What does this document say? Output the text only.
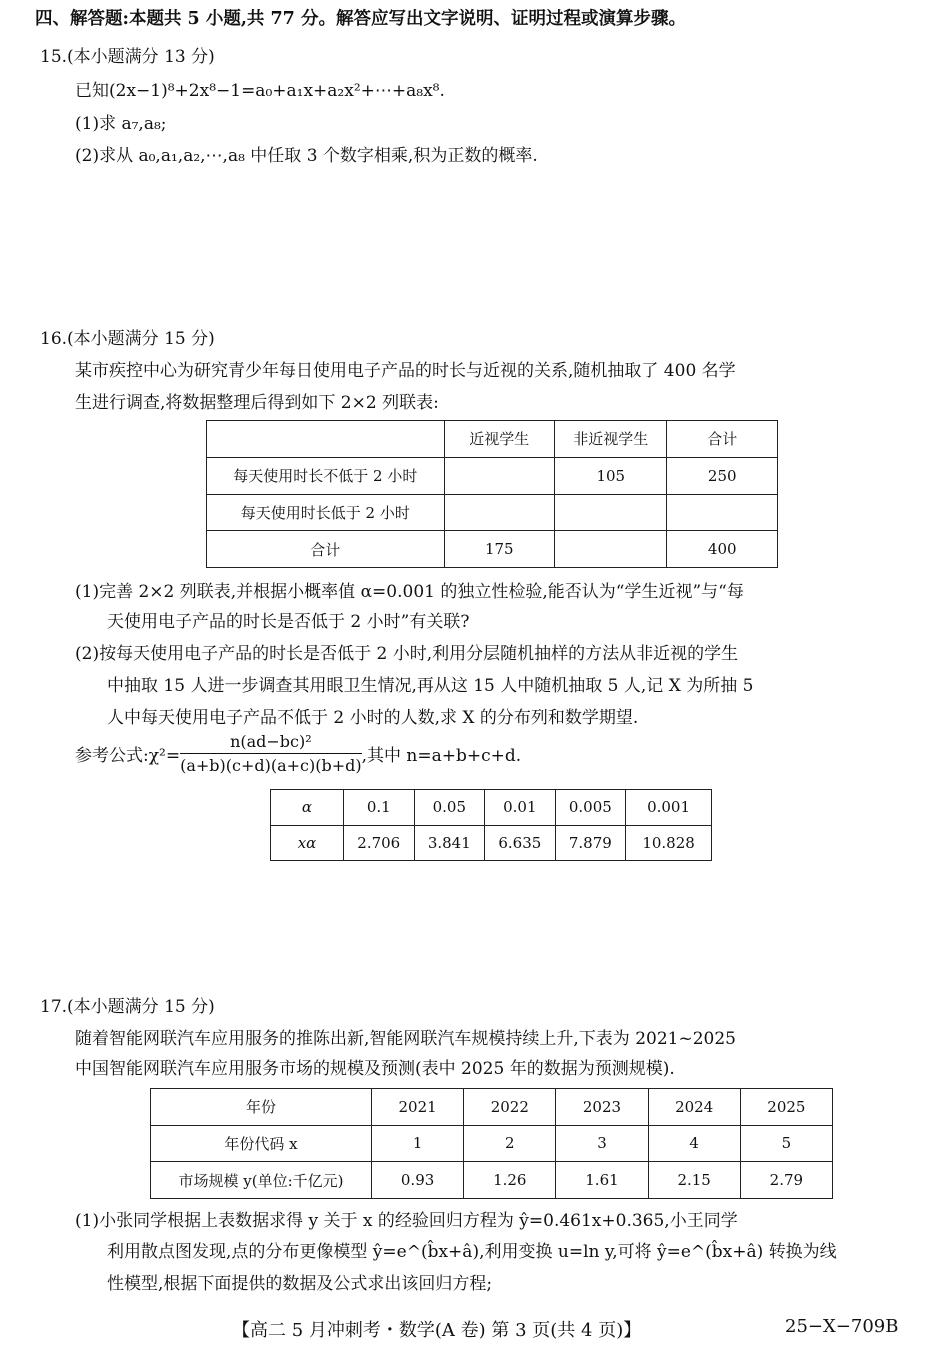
四、解答题:本题共 5 小题,共 77 分。解答应写出文字说明、证明过程或演算步骤。
15.(本小题满分 13 分)
已知(2x−1)⁸+2x⁸−1=a₀+a₁x+a₂x²+⋯+a₈x⁸.
(1)求 a₇,a₈;
(2)求从 a₀,a₁,a₂,⋯,a₈ 中任取 3 个数字相乘,积为正数的概率.
16.(本小题满分 15 分)
某市疾控中心为研究青少年每日使用电子产品的时长与近视的关系,随机抽取了 400 名学
生进行调查,将数据整理后得到如下 2×2 列联表:
	近视学生	非近视学生	合计
每天使用时长不低于 2 小时		105	250
每天使用时长低于 2 小时			
合计	175		400
(1)完善 2×2 列联表,并根据小概率值 α=0.001 的独立性检验,能否认为“学生近视”与“每
天使用电子产品的时长是否低于 2 小时”有关联?
(2)按每天使用电子产品的时长是否低于 2 小时,利用分层随机抽样的方法从非近视的学生
中抽取 15 人进一步调查其用眼卫生情况,再从这 15 人中随机抽取 5 人,记 X 为所抽 5
人中每天使用电子产品不低于 2 小时的人数,求 X 的分布列和数学期望.
参考公式:χ²= $\frac{\text{n(ad−bc)²}}{(a+b)(c+d)(a+c)(b+d)}$ ,其中 n=a+b+c+d.
α	0.1	0.05	0.01	0.005	0.001
xα	2.706	3.841	6.635	7.879	10.828
17.(本小题满分 15 分)
随着智能网联汽车应用服务的推陈出新,智能网联汽车规模持续上升,下表为 2021~2025
中国智能网联汽车应用服务市场的规模及预测(表中 2025 年的数据为预测规模).
年份	2021	2022	2023	2024	2025
年份代码 x	1	2	3	4	5
市场规模 y(单位:千亿元)	0.93	1.26	1.61	2.15	2.79
(1)小张同学根据上表数据求得 y 关于 x 的经验回归方程为 ŷ=0.461x+0.365,小王同学
利用散点图发现,点的分布更像模型 ŷ=e^(b̂x+â),利用变换 u=ln y,可将 ŷ=e^(b̂x+â) 转换为线
性模型,根据下面提供的数据及公式求出该回归方程;
【高二 5 月冲刺考・数学(A 卷) 第 3 页(共 4 页)】	25−X−709B
